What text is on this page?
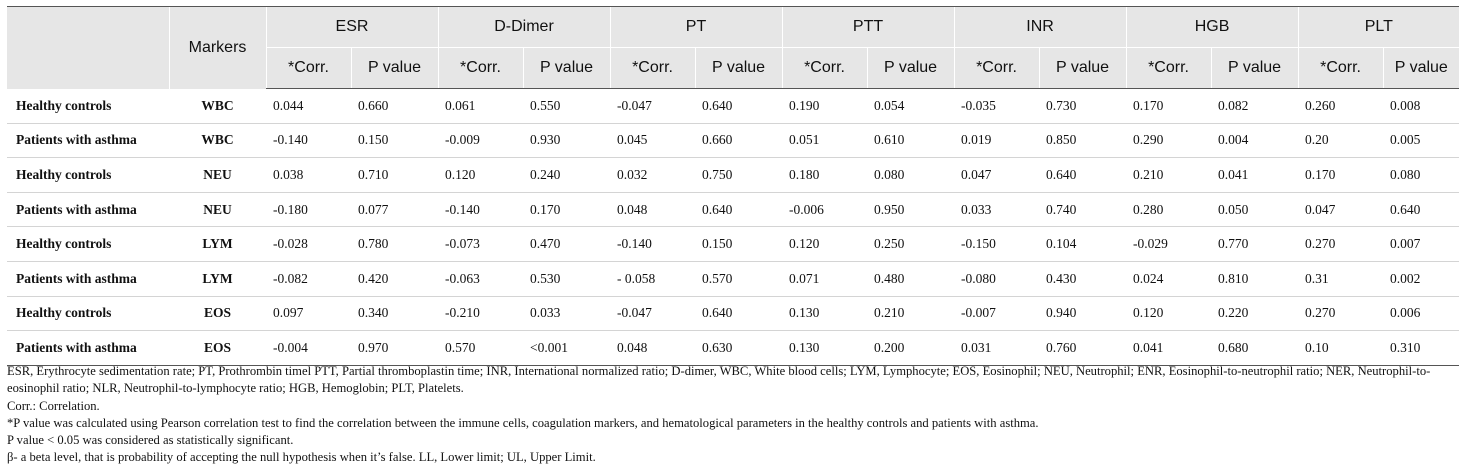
	Markers	ESR		D-Dimer		PT		PTT		INR		HGB		PLT	
		*Corr.	P value	*Corr.	P value	*Corr.	P value	*Corr.	P value	*Corr.	P value	*Corr.	P value	*Corr.	P value
Healthy controls	WBC	0.044	0.660	0.061	0.550	-0.047	0.640	0.190	0.054	-0.035	0.730	0.170	0.082	0.260	0.008
Patients with asthma	WBC	-0.140	0.150	-0.009	0.930	0.045	0.660	0.051	0.610	0.019	0.850	0.290	0.004	0.20	0.005
Healthy controls	NEU	0.038	0.710	0.120	0.240	0.032	0.750	0.180	0.080	0.047	0.640	0.210	0.041	0.170	0.080
Patients with asthma	NEU	-0.180	0.077	-0.140	0.170	0.048	0.640	-0.006	0.950	0.033	0.740	0.280	0.050	0.047	0.640
Healthy controls	LYM	-0.028	0.780	-0.073	0.470	-0.140	0.150	0.120	0.250	-0.150	0.104	-0.029	0.770	0.270	0.007
Patients with asthma	LYM	-0.082	0.420	-0.063	0.530	- 0.058	0.570	0.071	0.480	-0.080	0.430	0.024	0.810	0.31	0.002
Healthy controls	EOS	0.097	0.340	-0.210	0.033	-0.047	0.640	0.130	0.210	-0.007	0.940	0.120	0.220	0.270	0.006
Patients with asthma	EOS	-0.004	0.970	0.570	<0.001	0.048	0.630	0.130	0.200	0.031	0.760	0.041	0.680	0.10	0.310

ESR, Erythrocyte sedimentation rate; PT, Prothrombin timel PTT, Partial thromboplastin time; INR, International normalized ratio; D-dimer, WBC, White blood cells; LYM, Lymphocyte; EOS, Eosinophil; NEU, Neutrophil; ENR, Eosinophil-to-neutrophil ratio; NER, Neutrophil-to-eosinophil ratio; NLR, Neutrophil-to-lymphocyte ratio; HGB, Hemoglobin; PLT, Platelets.

Corr.: Correlation.

*P value was calculated using Pearson correlation test to find the correlation between the immune cells, coagulation markers, and hematological parameters in the healthy controls and patients with asthma.

P value < 0.05 was considered as statistically significant.

β- a beta level, that is probability of accepting the null hypothesis when it’s false. LL, Lower limit; UL, Upper Limit.
